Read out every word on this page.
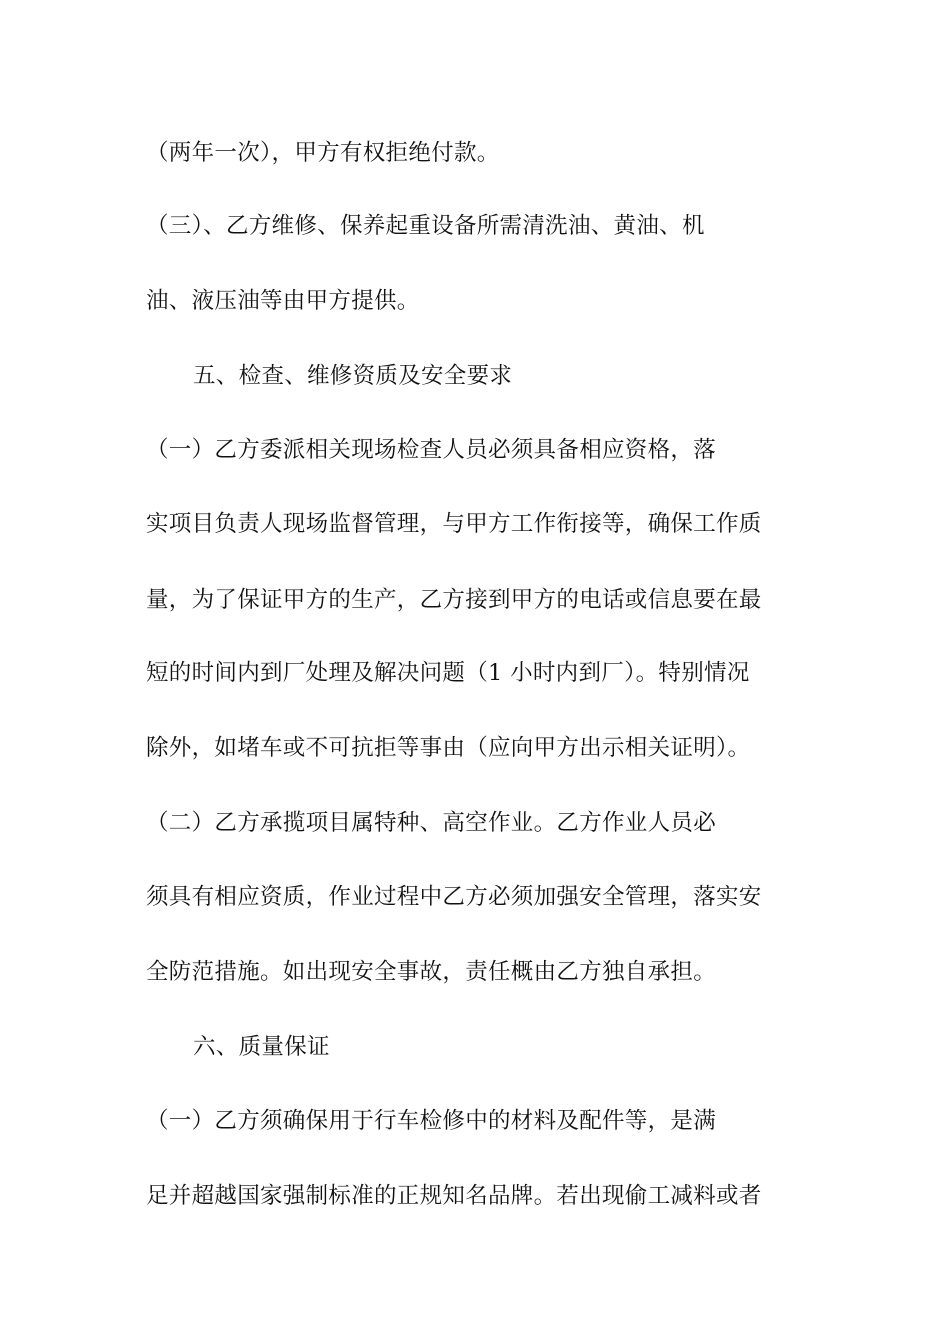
（两年一次），甲方有权拒绝付款。
（三）、乙方维修、保养起重设备所需清洗油、黄油、机
油、液压油等由甲方提供。
五、检查、维修资质及安全要求
（一）乙方委派相关现场检查人员必须具备相应资格，落
实项目负责人现场监督管理，与甲方工作衔接等，确保工作质
量，为了保证甲方的生产，乙方接到甲方的电话或信息要在最
短的时间内到厂处理及解决问题（1 小时内到厂）。特别情况
除外，如堵车或不可抗拒等事由（应向甲方出示相关证明）。
（二）乙方承揽项目属特种、高空作业。乙方作业人员必
须具有相应资质，作业过程中乙方必须加强安全管理，落实安
全防范措施。如出现安全事故，责任概由乙方独自承担。
六、质量保证
（一）乙方须确保用于行车检修中的材料及配件等，是满
足并超越国家强制标准的正规知名品牌。若出现偷工减料或者
